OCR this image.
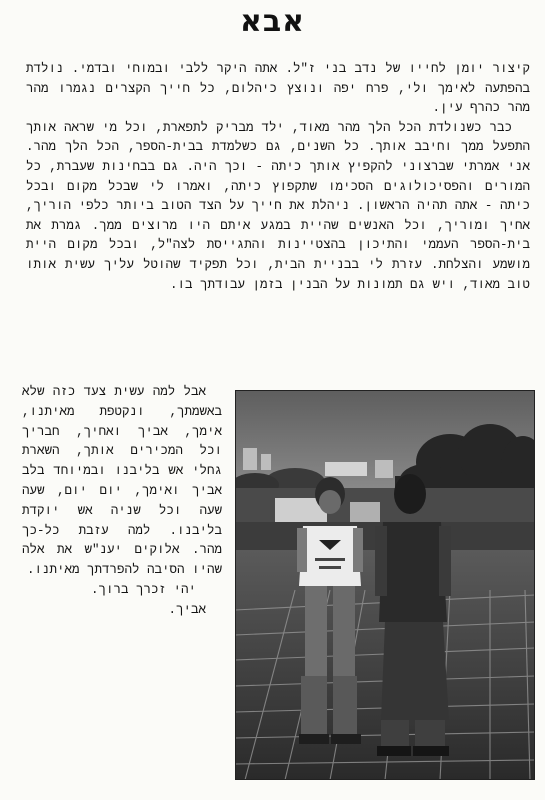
אבא

קיצור יומן לחייו של נדב בני ז"ל. אתה היקר ללבי ובמוחי ובדמי. נולדת בהפתעה לאימך ולי, פרח יפה ונוצץ כיהלום, כל חייך הקצרים נגמרו מהר מהר כהרף עין.

כבר כשנולדת הכל הלך מהר מאוד, ילד מבריק לתפארת, וכל מי שראה אותך התפעל ממך וחיבב אותך. כל השנים, גם כשלמדת בבית-הספר, הכל הלך מהר. אני אמרתי שברצוני להקפיץ אותך כיתה - וכך היה. גם בבחינות שעברת, כל המורים והפסיכולוגים הסכימו שתקפוץ כיתה, ואמרו לי שבכל מקום ובכל כיתה - אתה תהיה הראשון. ניהלת את חייך על הצד הטוב ביותר כלפי הוריך, אחיך ומוריך, וכל האנשים שהיית במגע איתם היו מרוצים ממך. גמרת את בית-הספר העממי והתיכון בהצטיינות והתגייסת לצה"ל, ובכל מקום היית מושמע והצלחת. עזרת לי בבניית הבית, וכל תפקיד שהוטל עליך עשית אותו טוב מאוד, ויש גם תמונות על הבנין בזמן עבודתך בו.

אבל למה עשית צעד כזה שלא באשמתך, ונקטפת מאיתנו, אימך, אביך ואחיך, חבריך וכל המכירים אותך, השארת גחלי אש בליבנו ובמיוחד בלב אביך ואימך, יום יום, שעה שעה וכל שניה אש יוקדת בליבנו. למה עזבת כל-כך מהר. אלוקים יענ"ש את אלה שהיו הסיבה להפרדתך מאיתנו.

יהי זכרך ברוך.

אביך.
